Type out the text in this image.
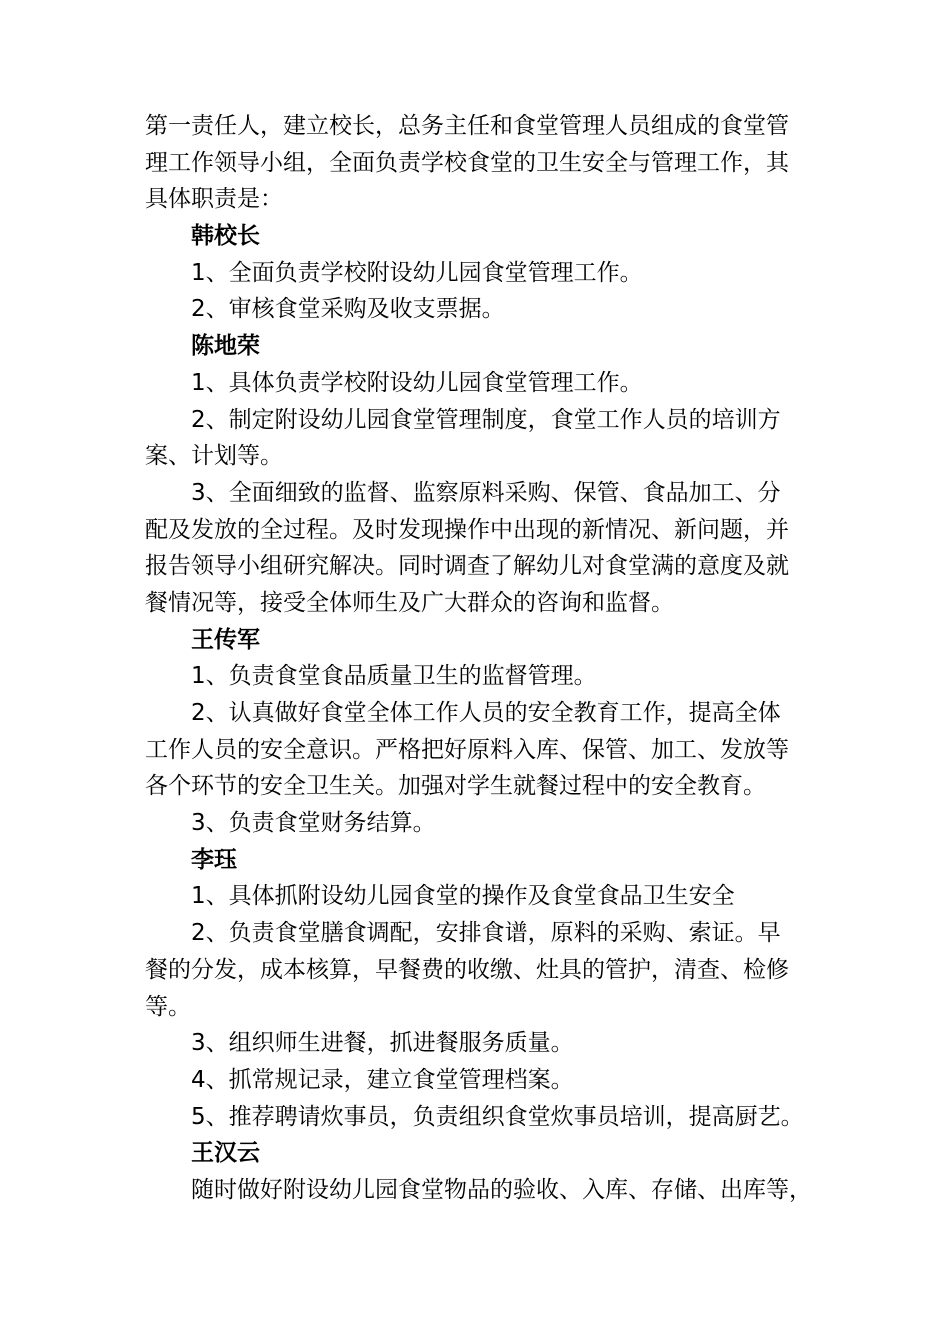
第一责任人，建立校长，总务主任和食堂管理人员组成的食堂管
理工作领导小组，全面负责学校食堂的卫生安全与管理工作，其
具体职责是：
韩校长
1、全面负责学校附设幼儿园食堂管理工作。
2、审核食堂采购及收支票据。
陈地荣
1、具体负责学校附设幼儿园食堂管理工作。
2、制定附设幼儿园食堂管理制度，食堂工作人员的培训方
案、计划等。
3、全面细致的监督、监察原料采购、保管、食品加工、分
配及发放的全过程。及时发现操作中出现的新情况、新问题，并
报告领导小组研究解决。同时调查了解幼儿对食堂满的意度及就
餐情况等，接受全体师生及广大群众的咨询和监督。
王传军
1、负责食堂食品质量卫生的监督管理。
2、认真做好食堂全体工作人员的安全教育工作，提高全体
工作人员的安全意识。严格把好原料入库、保管、加工、发放等
各个环节的安全卫生关。加强对学生就餐过程中的安全教育。
3、负责食堂财务结算。
李珏
1、具体抓附设幼儿园食堂的操作及食堂食品卫生安全
2、负责食堂膳食调配，安排食谱，原料的采购、索证。早
餐的分发，成本核算，早餐费的收缴、灶具的管护，清查、检修
等。
3、组织师生进餐，抓进餐服务质量。
4、抓常规记录，建立食堂管理档案。
5、推荐聘请炊事员，负责组织食堂炊事员培训，提高厨艺。
王汉云
随时做好附设幼儿园食堂物品的验收、入库、存储、出库等，
